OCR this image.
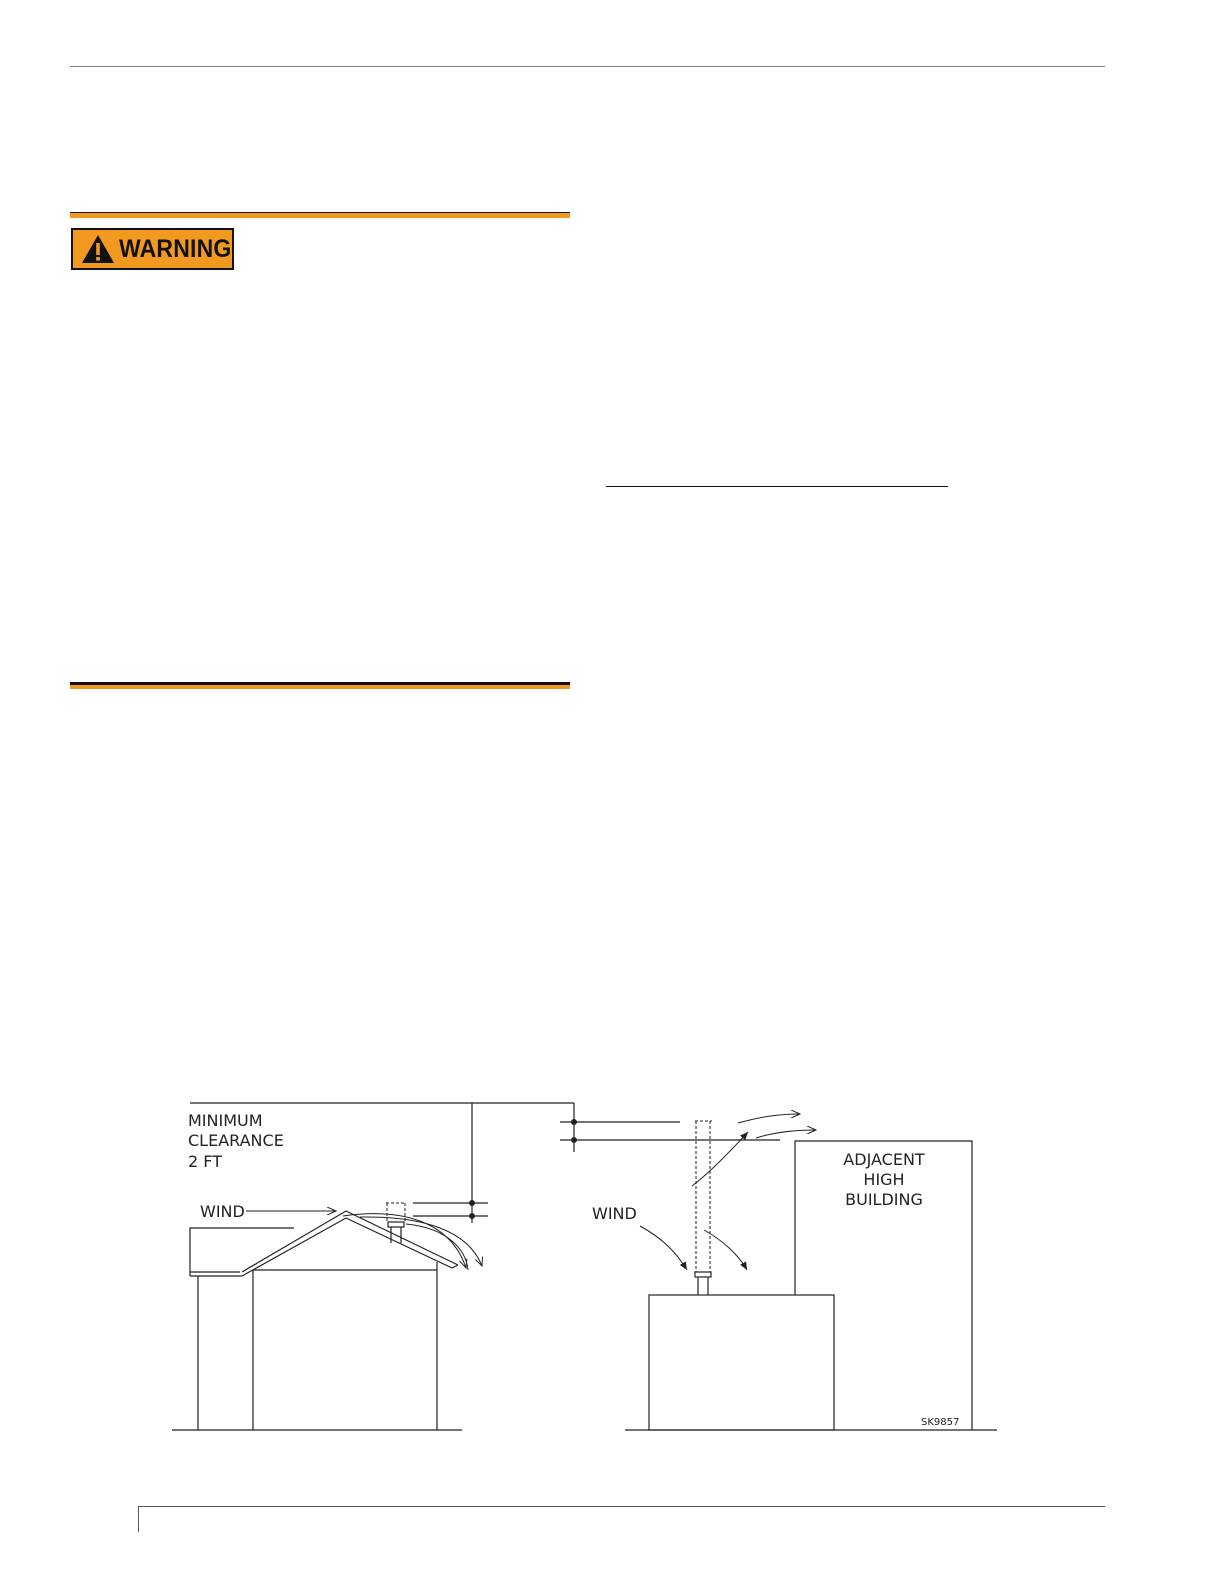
WARNING
MINIMUM
CLEARANCE
2 FT
WIND	WIND
ADJACENT
HIGH
BUILDING
SK9857
